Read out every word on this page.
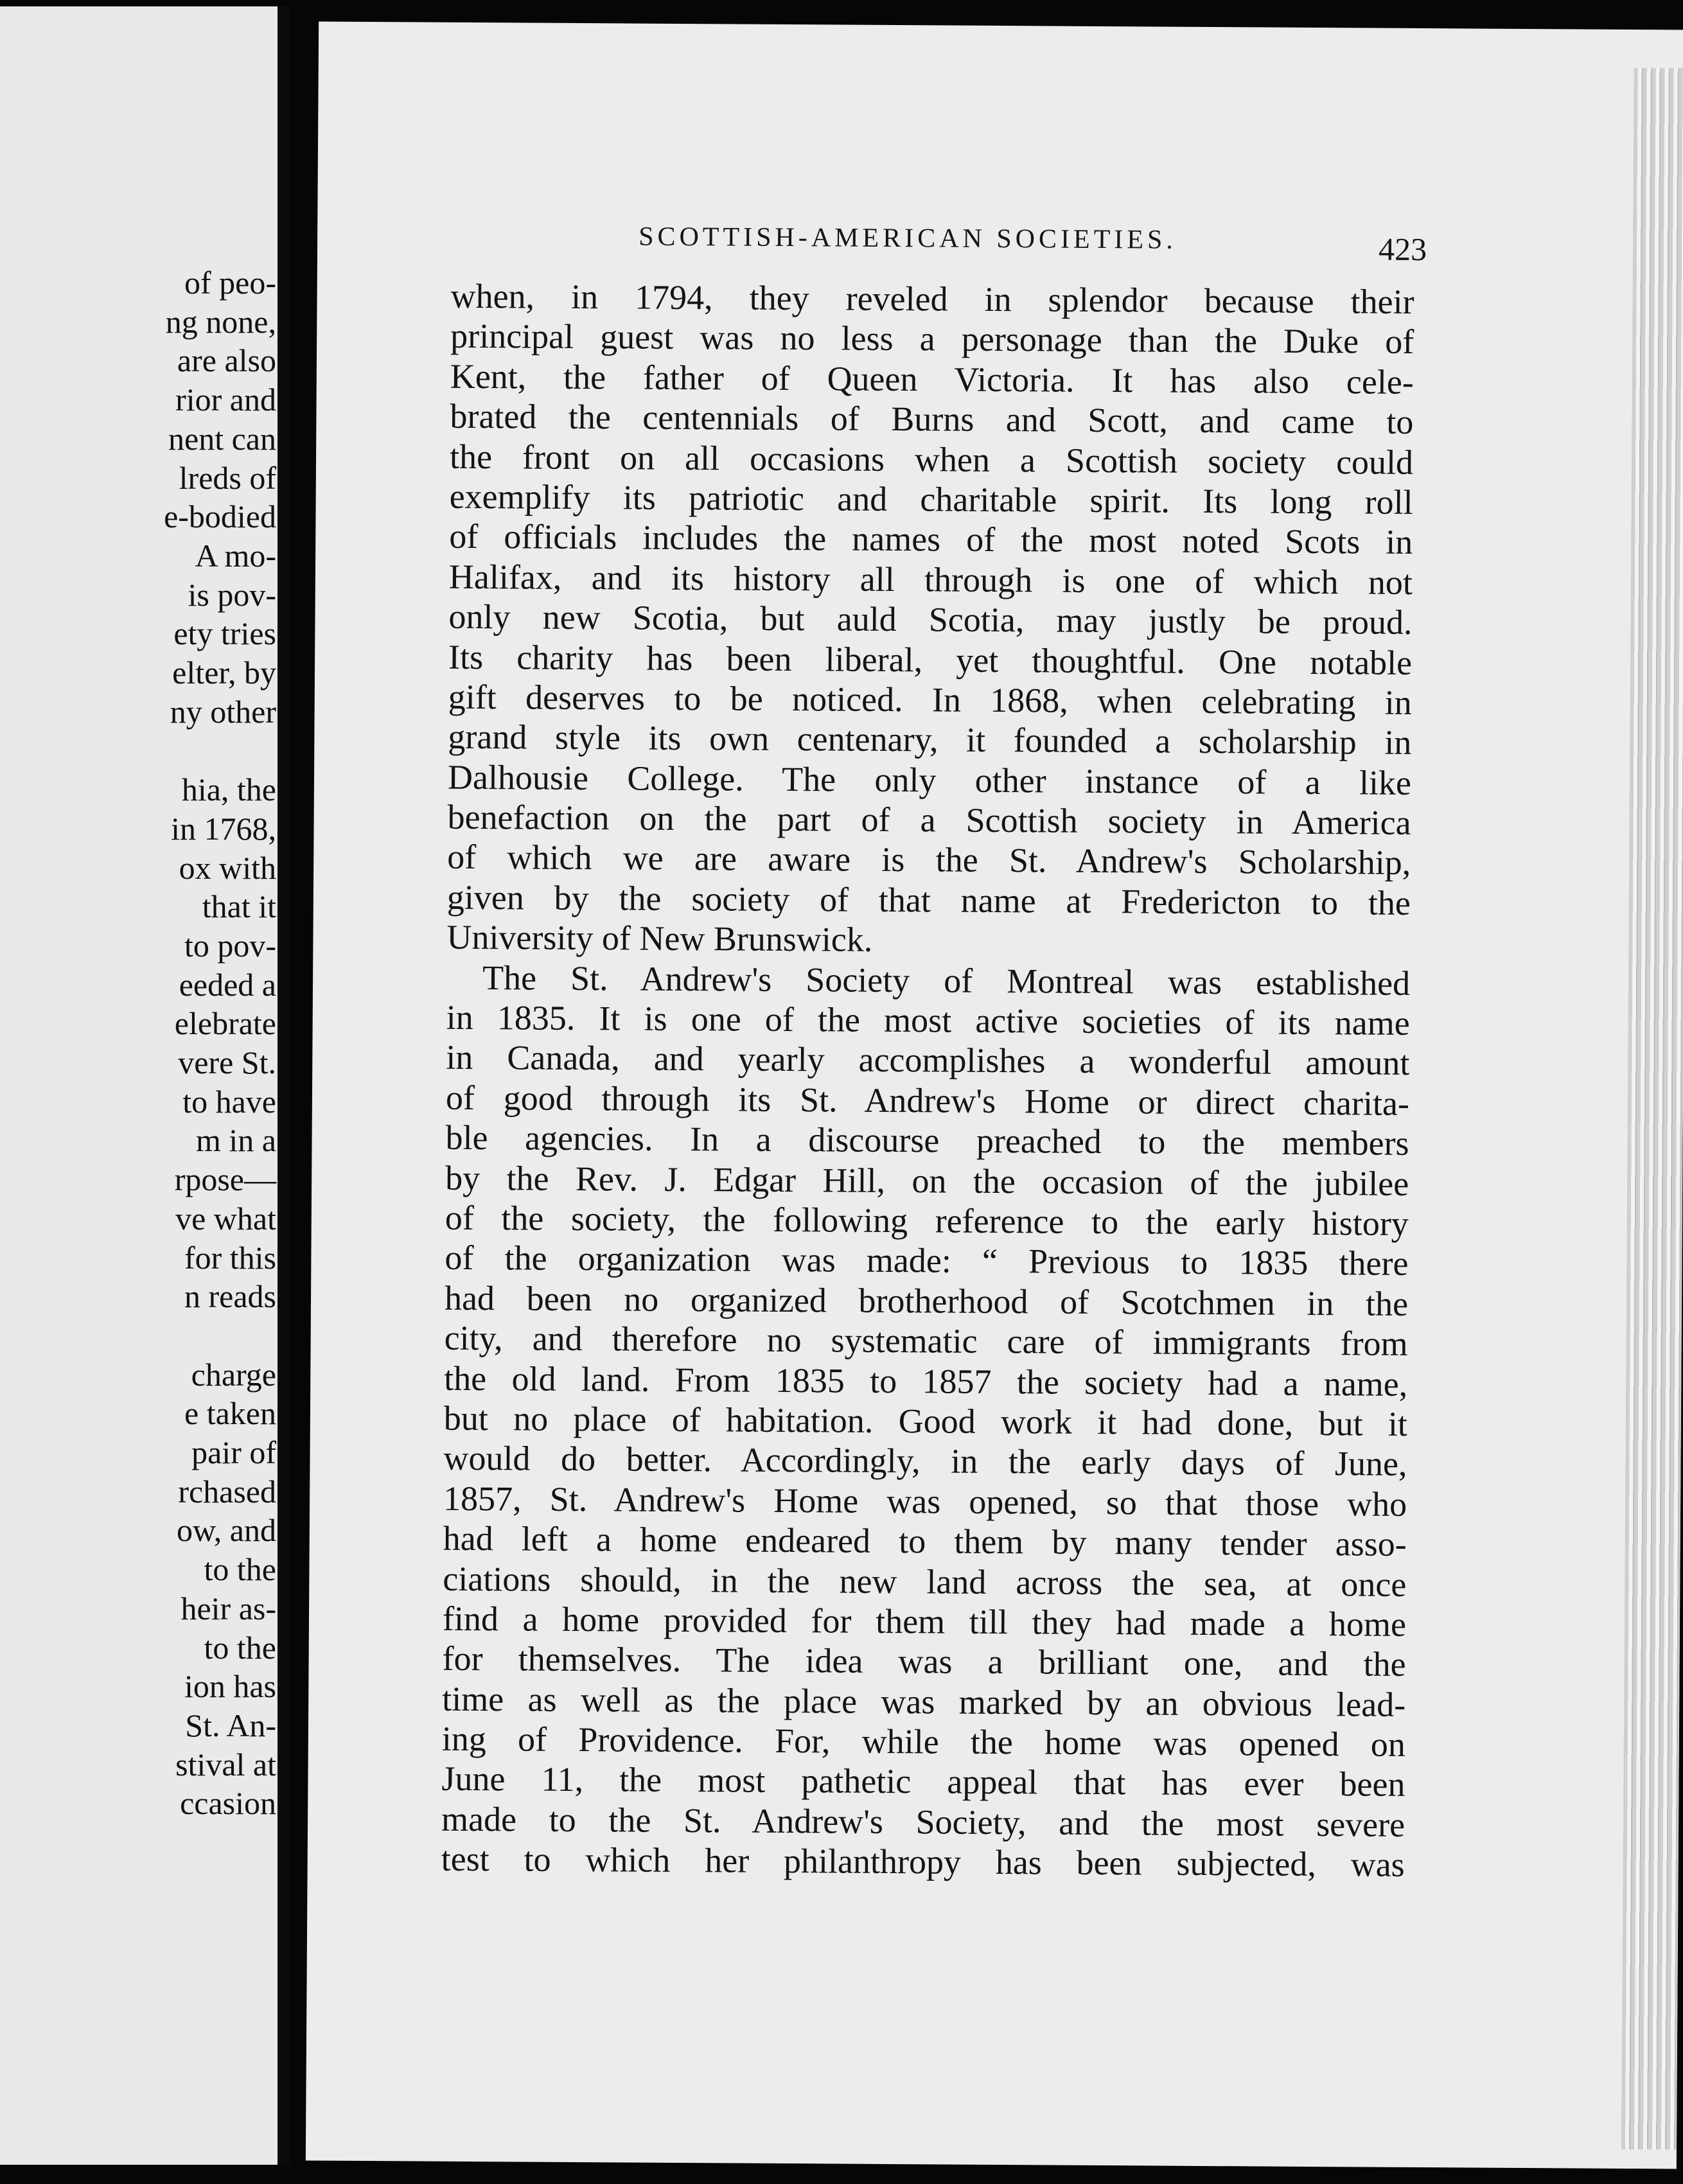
of peo-
ng none,
are also
rior and
nent can
lreds of
e-bodied
A mo-
is pov-
ety tries
elter, by
ny other
hia, the
in 1768,
ox with
that it
to pov-
eeded a
elebrate
vere St.
to have
m in a
rpose—
ve what
for this
n reads
charge
e taken
pair of
rchased
ow, and
to the
heir as-
to the
ion has
St. An-
stival at
ccasion
SCOTTISH-AMERICAN SOCIETIES.	423
when, in 1794, they reveled in splendor because their
principal guest was no less a personage than the Duke of
Kent, the father of Queen Victoria. It has also cele-
brated the centennials of Burns and Scott, and came to
the front on all occasions when a Scottish society could
exemplify its patriotic and charitable spirit. Its long roll
of officials includes the names of the most noted Scots in
Halifax, and its history all through is one of which not
only new Scotia, but auld Scotia, may justly be proud.
Its charity has been liberal, yet thoughtful. One notable
gift deserves to be noticed. In 1868, when celebrating in
grand style its own centenary, it founded a scholarship in
Dalhousie College. The only other instance of a like
benefaction on the part of a Scottish society in America
of which we are aware is the St. Andrew's Scholarship,
given by the society of that name at Fredericton to the
University of New Brunswick.
The St. Andrew's Society of Montreal was established
in 1835. It is one of the most active societies of its name
in Canada, and yearly accomplishes a wonderful amount
of good through its St. Andrew's Home or direct charita-
ble agencies. In a discourse preached to the members
by the Rev. J. Edgar Hill, on the occasion of the jubilee
of the society, the following reference to the early history
of the organization was made: “ Previous to 1835 there
had been no organized brotherhood of Scotchmen in the
city, and therefore no systematic care of immigrants from
the old land. From 1835 to 1857 the society had a name,
but no place of habitation. Good work it had done, but it
would do better. Accordingly, in the early days of June,
1857, St. Andrew's Home was opened, so that those who
had left a home endeared to them by many tender asso-
ciations should, in the new land across the sea, at once
find a home provided for them till they had made a home
for themselves. The idea was a brilliant one, and the
time as well as the place was marked by an obvious lead-
ing of Providence. For, while the home was opened on
June 11, the most pathetic appeal that has ever been
made to the St. Andrew's Society, and the most severe
test to which her philanthropy has been subjected, was
